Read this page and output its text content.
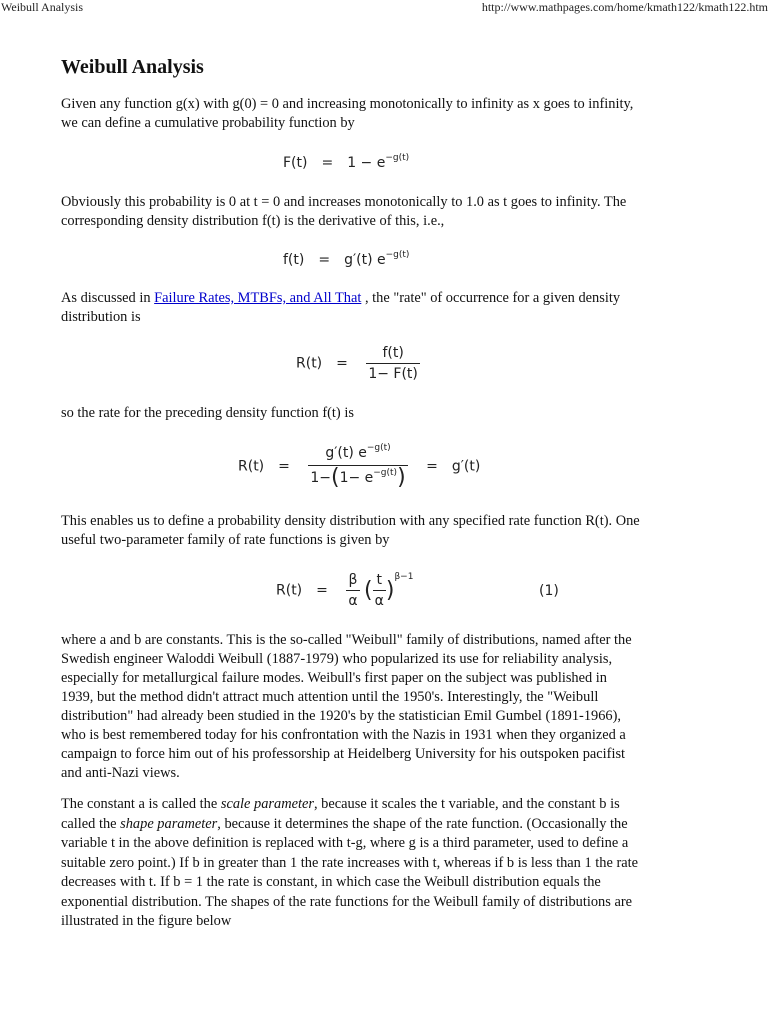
Weibull Analysis	http://www.mathpages.com/home/kmath122/kmath122.htm
Weibull Analysis

Given any function g(x) with g(0) = 0 and increasing monotonically to infinity as x goes to infinity, we can define a cumulative probability function by

$F(t) = 1 - e^{-g(t)}$

Obviously this probability is 0 at t = 0 and increases monotonically to 1.0 as t goes to infinity. The corresponding density distribution f(t) is the derivative of this, i.e.,

f(t) = g′(t) $e^{-g(t)}$

As discussed in Failure Rates, MTBFs, and All That , the "rate" of occurrence for a given density distribution is

$R(t) = \frac{f(t)}{1- F(t)}$

so the rate for the preceding density function f(t) is

$R(t) = \frac{g'(t) e^{-g(t)}}{1-(1- e^{-g(t)})} = g'(t)$

This enables us to define a probability density distribution with any specified rate function R(t). One useful two-parameter family of rate functions is given by

$R(t) = \frac{\beta}{\alpha}$ ( $\frac{t}{\alpha} )^{\beta-1}$
(1)

where a and b are constants. This is the so-called "Weibull" family of distributions, named after the Swedish engineer Waloddi Weibull (1887-1979) who popularized its use for reliability analysis, especially for metallurgical failure modes. Weibull's first paper on the subject was published in 1939, but the method didn't attract much attention until the 1950's. Interestingly, the "Weibull distribution" had already been studied in the 1920's by the statistician Emil Gumbel (1891-1966), who is best remembered today for his confrontation with the Nazis in 1931 when they organized a campaign to force him out of his professorship at Heidelberg University for his outspoken pacifist and anti-Nazi views.

The constant a is called the scale parameter, because it scales the t variable, and the constant b is called the shape parameter, because it determines the shape of the rate function. (Occasionally the variable t in the above definition is replaced with t-g, where g is a third parameter, used to define a suitable zero point.) If b in greater than 1 the rate increases with t, whereas if b is less than 1 the rate decreases with t. If b = 1 the rate is constant, in which case the Weibull distribution equals the exponential distribution. The shapes of the rate functions for the Weibull family of distributions are illustrated in the figure below
